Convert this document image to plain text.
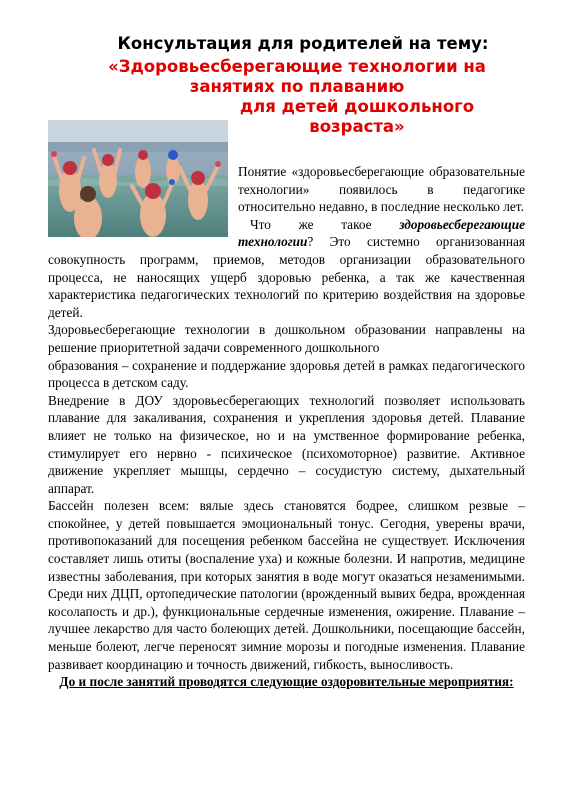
Консультация для родителей на тему:
«Здоровьесберегающие технологии на
занятиях по плаванию
для детей дошкольного
возраста»

Понятие «здоровьесберегающие образовательные технологии» появилось в педагогике относительно недавно, в последние несколько лет.

Что же такое здоровьесберегающие технологии? Это системно организованная совокупность программ, приемов, методов организации образовательного процесса, не наносящих ущерб здоровью ребенка, а так же качественная характеристика педагогических технологий по критерию воздействия на здоровье детей.

Здоровьесберегающие технологии в дошкольном образовании направлены на решение приоритетной задачи современного дошкольного

образования – сохранение и поддержание здоровья детей в рамках педагогического процесса в детском саду.

Внедрение в ДОУ здоровьесберегающих технологий позволяет использовать плавание для закаливания, сохранения и укрепления здоровья детей. Плавание влияет не только на физическое, но и на умственное формирование ребенка, стимулирует его нервно - психическое (психомоторное) развитие. Активное движение укрепляет мышцы, сердечно – сосудистую систему, дыхательный аппарат.

Бассейн полезен всем: вялые здесь становятся бодрее, слишком резвые – спокойнее, у детей повышается эмоциональный тонус. Сегодня, уверены врачи, противопоказаний для посещения ребенком бассейна не существует. Исключения составляет лишь отиты (воспаление уха) и кожные болезни. И напротив, медицине известны заболевания, при которых занятия в воде могут оказаться незаменимыми. Среди них ДЦП, ортопедические патологии (врожденный вывих бедра, врожденная косолапость и др.), функциональные сердечные изменения, ожирение. Плавание – лучшее лекарство для часто болеющих детей. Дошкольники, посещающие бассейн, меньше болеют, легче переносят зимние морозы и погодные изменения. Плавание развивает координацию и точность движений, гибкость, выносливость.

До и после занятий проводятся следующие оздоровительные мероприятия:
